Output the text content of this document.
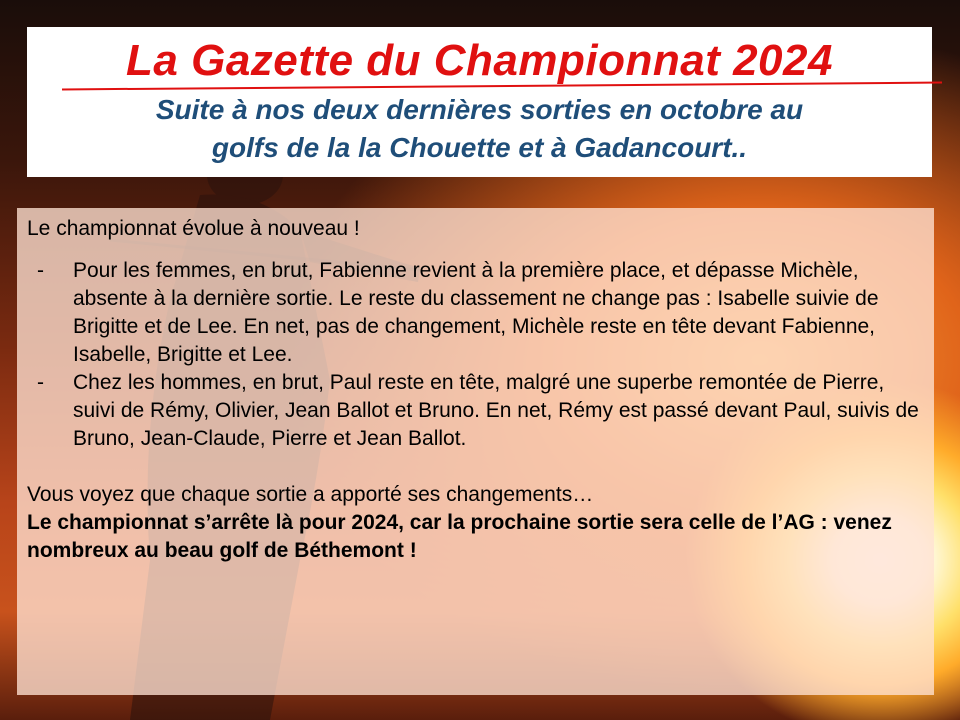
La Gazette du Championnat 2024

Suite à nos deux dernières sorties en octobre au
golfs de la la Chouette et à Gadancourt..

Le championnat évolue à nouveau !

- Pour les femmes, en brut, Fabienne revient à la première place, et dépasse Michèle, absente à la dernière sortie. Le reste du classement ne change pas : Isabelle suivie de Brigitte et de Lee. En net, pas de changement, Michèle reste en tête devant Fabienne, Isabelle, Brigitte et Lee.
- Chez les hommes, en brut, Paul reste en tête, malgré une superbe remontée de Pierre, suivi de Rémy, Olivier, Jean Ballot et Bruno. En net, Rémy est passé devant Paul, suivis de Bruno, Jean-Claude, Pierre et Jean Ballot.

Vous voyez que chaque sortie a apporté ses changements…

Le championnat s’arrête là pour 2024, car la prochaine sortie sera celle de l’AG : venez nombreux au beau golf de Béthemont !
